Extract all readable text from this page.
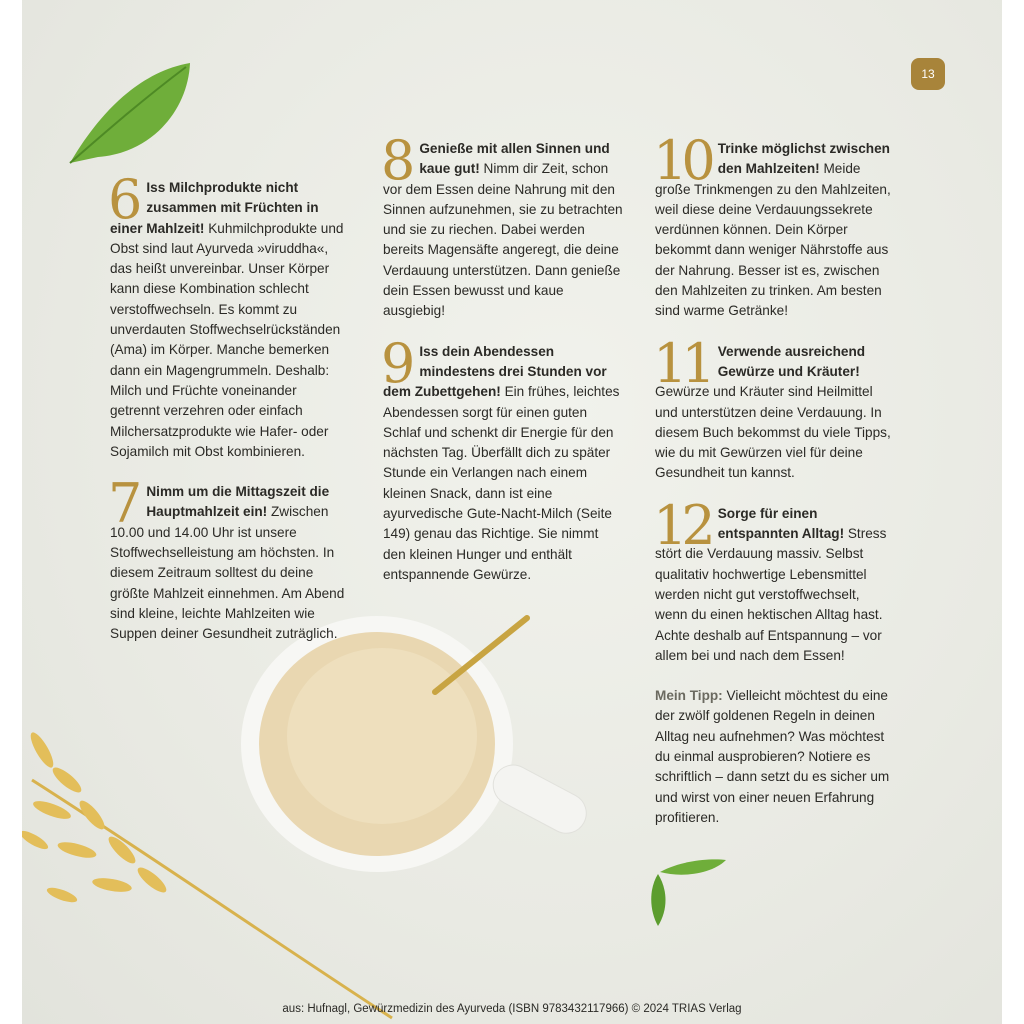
13
6 Iss Milchprodukte nicht zusammen mit Früchten in einer Mahlzeit! Kuhmilchprodukte und Obst sind laut Ayurveda »viruddha«, das heißt unvereinbar. Unser Körper kann diese Kombination schlecht verstoffwechseln. Es kommt zu unverdauten Stoffwechselrückständen (Ama) im Körper. Manche bemerken dann ein Magengrummeln. Deshalb: Milch und Früchte voneinander getrennt verzehren oder einfach Milchersatzprodukte wie Hafer- oder Sojamilch mit Obst kombinieren.

7 Nimm um die Mittagszeit die Hauptmahlzeit ein! Zwischen 10.00 und 14.00 Uhr ist unsere Stoffwechselleistung am höchsten. In diesem Zeitraum solltest du deine größte Mahlzeit einnehmen. Am Abend sind kleine, leichte Mahlzeiten wie Suppen deiner Gesundheit zuträglich.

8 Genieße mit allen Sinnen und kaue gut! Nimm dir Zeit, schon vor dem Essen deine Nahrung mit den Sinnen aufzunehmen, sie zu betrachten und sie zu riechen. Dabei werden bereits Magensäfte angeregt, die deine Verdauung unterstützen. Dann genieße dein Essen bewusst und kaue ausgiebig!

9 Iss dein Abendessen mindestens drei Stunden vor dem Zubettgehen! Ein frühes, leichtes Abendessen sorgt für einen guten Schlaf und schenkt dir Energie für den nächsten Tag. Überfällt dich zu später Stunde ein Verlangen nach einem kleinen Snack, dann ist eine ayurvedische Gute-Nacht-Milch (Seite 149) genau das Richtige. Sie nimmt den kleinen Hunger und enthält entspannende Gewürze.

10 Trinke möglichst zwischen den Mahlzeiten! Meide große Trinkmengen zu den Mahlzeiten, weil diese deine Verdauungssekrete verdünnen können. Dein Körper bekommt dann weniger Nährstoffe aus der Nahrung. Besser ist es, zwischen den Mahlzeiten zu trinken. Am besten sind warme Getränke!

11 Verwende ausreichend Gewürze und Kräuter! Gewürze und Kräuter sind Heilmittel und unterstützen deine Verdauung. In diesem Buch bekommst du viele Tipps, wie du mit Gewürzen viel für deine Gesundheit tun kannst.

12 Sorge für einen entspannten Alltag! Stress stört die Verdauung massiv. Selbst qualitativ hochwertige Lebensmittel werden nicht gut verstoffwechselt, wenn du einen hektischen Alltag hast. Achte deshalb auf Entspannung – vor allem bei und nach dem Essen!

Mein Tipp: Vielleicht möchtest du eine der zwölf goldenen Regeln in deinen Alltag neu aufnehmen? Was möchtest du einmal ausprobieren? Notiere es schriftlich – dann setzt du es sicher um und wirst von einer neuen Erfahrung profitieren.

aus: Hufnagl, Gewürzmedizin des Ayurveda (ISBN 9783432117966) © 2024 TRIAS Verlag
